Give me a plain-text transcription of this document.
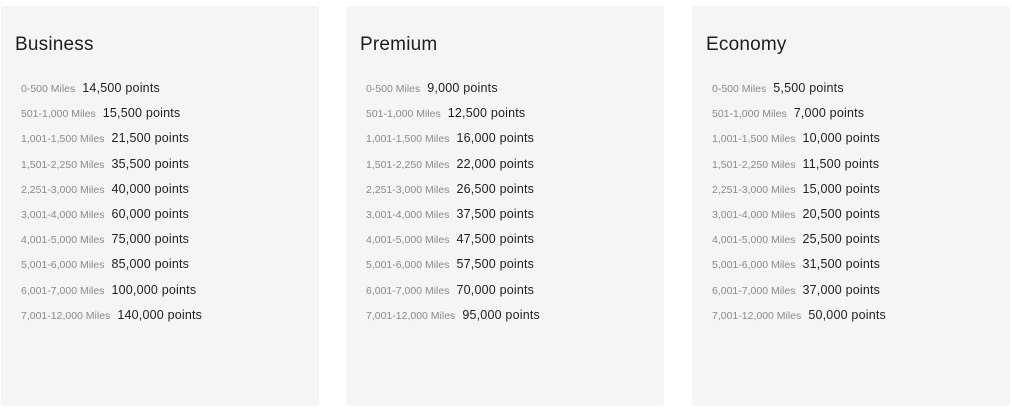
Business
0-500 Miles 14,500 points
501-1,000 Miles 15,500 points
1,001-1,500 Miles 21,500 points
1,501-2,250 Miles 35,500 points
2,251-3,000 Miles 40,000 points
3,001-4,000 Miles 60,000 points
4,001-5,000 Miles 75,000 points
5,001-6,000 Miles 85,000 points
6,001-7,000 Miles 100,000 points
7,001-12,000 Miles 140,000 points
Premium
0-500 Miles 9,000 points
501-1,000 Miles 12,500 points
1,001-1,500 Miles 16,000 points
1,501-2,250 Miles 22,000 points
2,251-3,000 Miles 26,500 points
3,001-4,000 Miles 37,500 points
4,001-5,000 Miles 47,500 points
5,001-6,000 Miles 57,500 points
6,001-7,000 Miles 70,000 points
7,001-12,000 Miles 95,000 points
Economy
0-500 Miles 5,500 points
501-1,000 Miles 7,000 points
1,001-1,500 Miles 10,000 points
1,501-2,250 Miles 11,500 points
2,251-3,000 Miles 15,000 points
3,001-4,000 Miles 20,500 points
4,001-5,000 Miles 25,500 points
5,001-6,000 Miles 31,500 points
6,001-7,000 Miles 37,000 points
7,001-12,000 Miles 50,000 points
